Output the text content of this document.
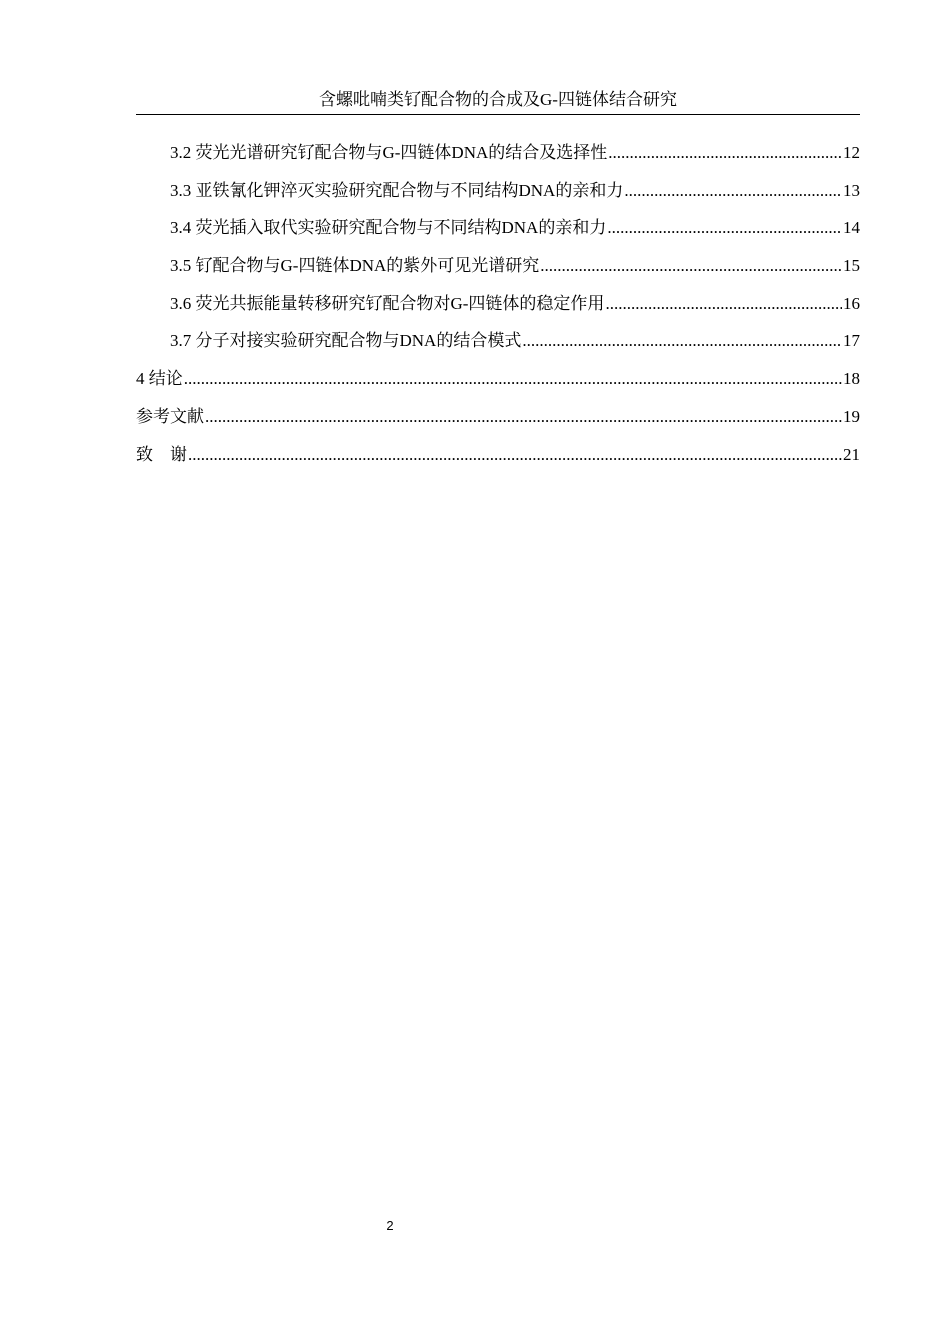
含螺吡喃类钌配合物的合成及G-四链体结合研究
3.2 荧光光谱研究钌配合物与G-四链体DNA的结合及选择性 .....	12
3.3 亚铁氰化钾淬灭实验研究配合物与不同结构DNA的亲和力 .....	13
3.4 荧光插入取代实验研究配合物与不同结构DNA的亲和力 .....	14
3.5 钌配合物与G-四链体DNA的紫外可见光谱研究 .....	15
3.6 荧光共振能量转移研究钌配合物对G-四链体的稳定作用 .....	16
3.7 分子对接实验研究配合物与DNA的结合模式 .....	17
4 结论 .....	18
参考文献 .....	19
致　谢 .....	21
2
